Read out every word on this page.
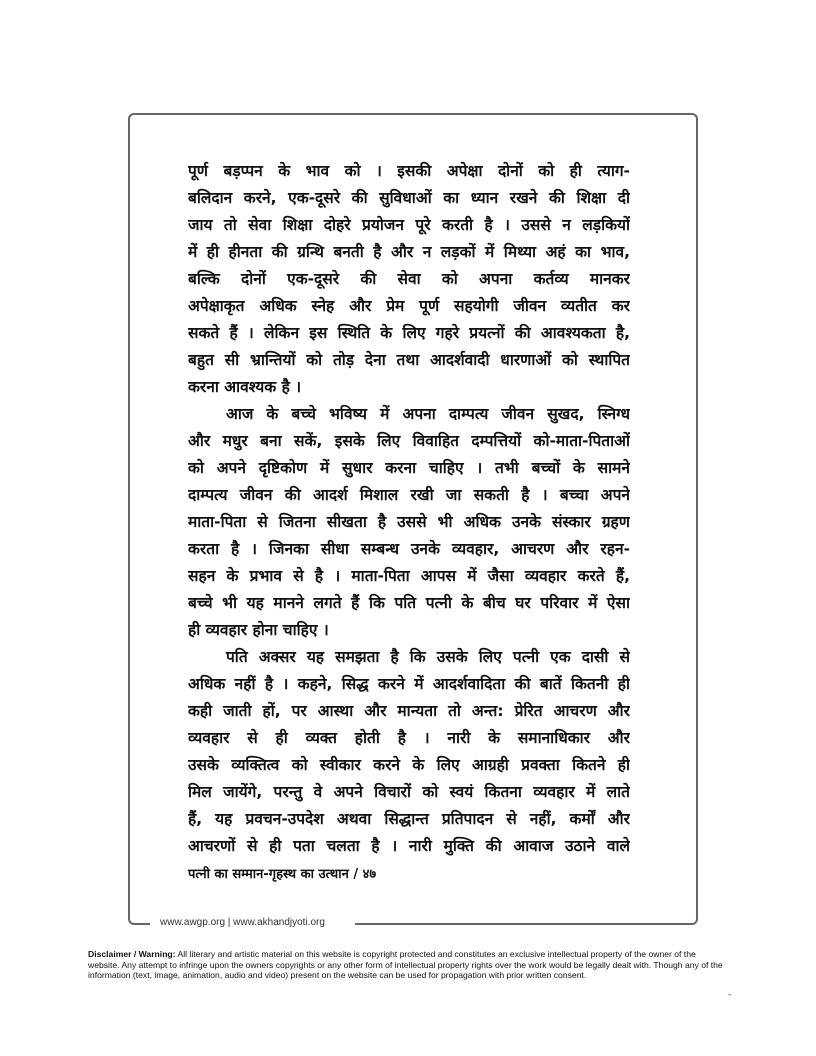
www.awgp.org | www.akhandjyoti.org
पूर्ण बड़प्पन के भाव को । इसकी अपेक्षा दोनों को ही त्याग-
बलिदान करने, एक-दूसरे की सुविधाओं का ध्यान रखने की शिक्षा दी
जाय तो सेवा शिक्षा दोहरे प्रयोजन पूरे करती है । उससे न लड़कियों
में ही हीनता की ग्रन्थि बनती है और न लड़कों में मिथ्या अहं का भाव,
बल्कि दोनों एक-दूसरे की सेवा को अपना कर्तव्य मानकर
अपेक्षाकृत अधिक स्नेह और प्रेम पूर्ण सहयोगी जीवन व्यतीत कर
सकते हैं । लेकिन इस स्थिति के लिए गहरे प्रयत्नों की आवश्यकता है,
बहुत सी भ्रान्तियों को तोड़ देना तथा आदर्शवादी धारणाओं को स्थापित
करना आवश्यक है ।
आज के बच्चे भविष्य में अपना दाम्पत्य जीवन सुखद, स्निग्ध
और मधुर बना सकें, इसके लिए विवाहित दम्पत्तियों को-माता-पिताओं
को अपने दृष्टिकोण में सुधार करना चाहिए । तभी बच्चों के सामने
दाम्पत्य जीवन की आदर्श मिशाल रखी जा सकती है । बच्चा अपने
माता-पिता से जितना सीखता है उससे भी अधिक उनके संस्कार ग्रहण
करता है । जिनका सीधा सम्बन्ध उनके व्यवहार, आचरण और रहन-
सहन के प्रभाव से है । माता-पिता आपस में जैसा व्यवहार करते हैं,
बच्चे भी यह मानने लगते हैं कि पति पत्नी के बीच घर परिवार में ऐसा
ही व्यवहार होना चाहिए ।
पति अक्सर यह समझता है कि उसके लिए पत्नी एक दासी से
अधिक नहीं है । कहने, सिद्ध करने में आदर्शवादिता की बातें कितनी ही
कही जाती हों, पर आस्था और मान्यता तो अन्त: प्रेरित आचरण और
व्यवहार से ही व्यक्त होती है । नारी के समानाधिकार और
उसके व्यक्तित्व को स्वीकार करने के लिए आग्रही प्रवक्ता कितने ही
मिल जायेंगे, परन्तु वे अपने विचारों को स्वयं कितना व्यवहार में लाते
हैं, यह प्रवचन-उपदेश अथवा सिद्धान्त प्रतिपादन से नहीं, कर्मों और
आचरणों से ही पता चलता है । नारी मुक्ति की आवाज उठाने वाले
पत्नी का सम्मान-गृहस्थ का उत्थान / ४७
Disclaimer / Warning: All literary and artistic material on this website is copyright protected and constitutes an exclusive intellectual property of the owner of the website. Any attempt to infringe upon the owners copyrights or any other form of intellectual property rights over the work would be legally dealt with. Though any of the information (text, image, animation, audio and video) present on the website can be used for propagation with prior written consent.
-
